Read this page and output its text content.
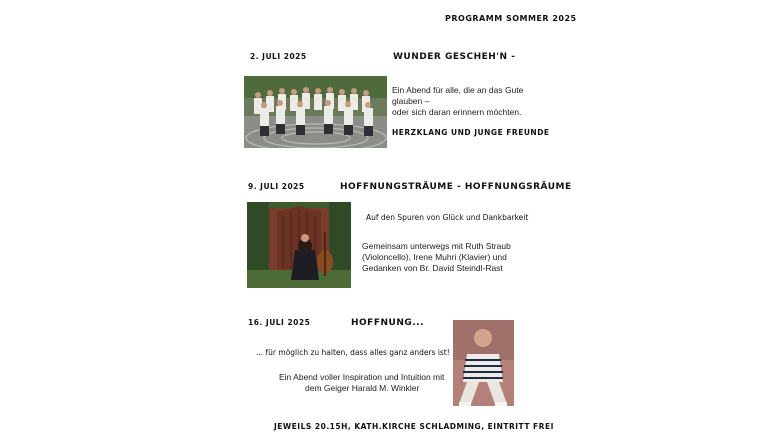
PROGRAMM SOMMER 2025
2. JULI 2025	WUNDER GESCHEH'N -
Ein Abend für alle, die an das Gute
glauben –
oder sich daran erinnern möchten.
HERZKLANG UND JUNGE FREUNDE
9. JULI 2025	HOFFNUNGSTRÄUME - HOFFNUNGSRÄUME
Auf den Spuren von Glück und Dankbarkeit
Gemeinsam unterwegs mit Ruth Straub
(Violoncello), Irene Muhri (Klavier) und
Gedanken von Br. David Steindl-Rast
16. JULI 2025	HOFFNUNG...
... für möglich zu halten, dass alles ganz anders ist!
Ein Abend voller Inspiration und Intuition mit
dem Geiger Harald M. Winkler
JEWEILS 20.15H, KATH.KIRCHE SCHLADMING, EINTRITT FREI
